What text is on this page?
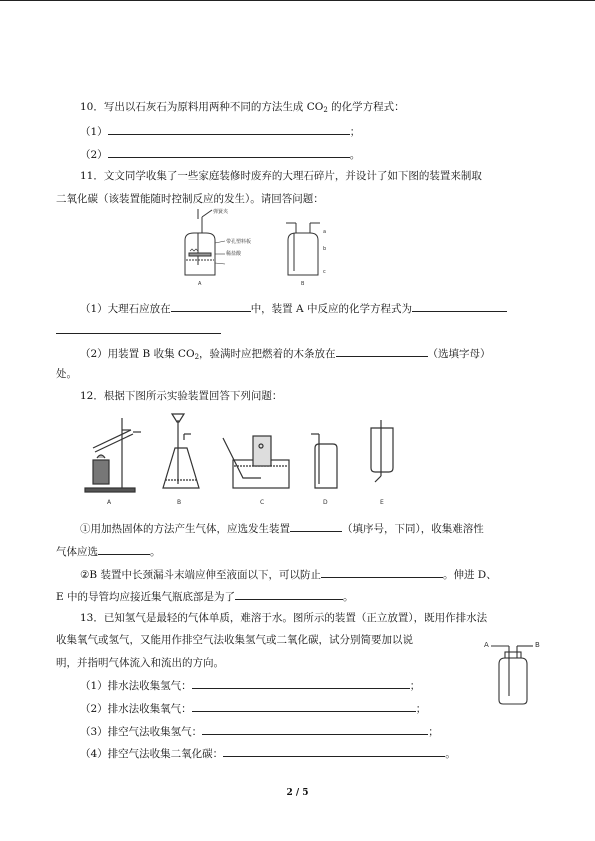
10．写出以石灰石为原料用两种不同的方法生成 $CO_2$ 的化学方程式：
（1）	；
（2）	。
11．文文同学收集了一些家庭装修时废弃的大理石碎片，并设计了如下图的装置来制取
二氧化碳（该装置能随时控制反应的发生）。请回答问题：
弹簧夹
带孔塑料板
稀盐酸
A
a
b
c
B
（1）大理石应放在	中，装置 A 中反应的化学方程式为
（2）用装置 B 收集 $CO_2$，验满时应把燃着的木条放在	（选填字母）
处。
12．根据下图所示实验装置回答下列问题：
A	B	C	D	E
①用加热固体的方法产生气体，应选发生装置	（填序号，下同），收集难溶性
气体应选	。
②B 装置中长颈漏斗末端应伸至液面以下，可以防止	。伸进 D、
E 中的导管均应接近集气瓶底部是为了	。
13．已知氢气是最轻的气体单质，难溶于水。图所示的装置（正立放置），既用作排水法
收集氧气或氢气，又能用作排空气法收集氢气或二氧化碳，试分别简要加以说
明，并指明气体流入和流出的方向。
A	B
（1）排水法收集氢气：	；
（2）排水法收集氧气：	；
（3）排空气法收集氢气：	；
（4）排空气法收集二氧化碳：	。
2 / 5
